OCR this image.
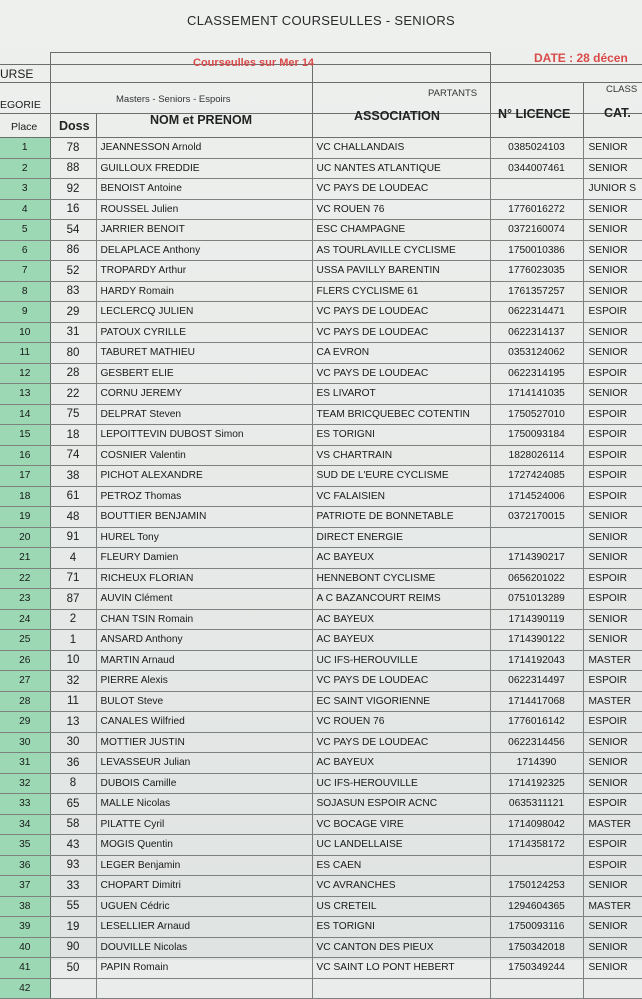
CLASSEMENT COURSEULLES - SENIORS
URSE
Courseulles sur Mer 14	DATE : 28 décen
EGORIE	Masters - Seniors - Espoirs
PARTANTS	CLASS
Place Doss	NOM et PRENOM	ASSOCIATION	N° LICENCE	CAT.
1	78	JEANNESSON Arnold	VC CHALLANDAIS	0385024103	SENIOR
2	88	GUILLOUX FREDDIE	UC NANTES ATLANTIQUE	0344007461	SENIOR
3	92	BENOIST Antoine	VC PAYS DE LOUDEAC		JUNIOR S
4	16	ROUSSEL Julien	VC ROUEN 76	1776016272	SENIOR
5	54	JARRIER BENOIT	ESC CHAMPAGNE	0372160074	SENIOR
6	86	DELAPLACE Anthony	AS TOURLAVILLE CYCLISME	1750010386	SENIOR
7	52	TROPARDY Arthur	USSA PAVILLY BARENTIN	1776023035	SENIOR
8	83	HARDY Romain	FLERS CYCLISME 61	1761357257	SENIOR
9	29	LECLERCQ JULIEN	VC PAYS DE LOUDEAC	0622314471	ESPOIR
10	31	PATOUX CYRILLE	VC PAYS DE LOUDEAC	0622314137	SENIOR
11	80	TABURET MATHIEU	CA EVRON	0353124062	SENIOR
12	28	GESBERT ELIE	VC PAYS DE LOUDEAC	0622314195	ESPOIR
13	22	CORNU JEREMY	ES LIVAROT	1714141035	SENIOR
14	75	DELPRAT Steven	TEAM BRICQUEBEC COTENTIN	1750527010	ESPOIR
15	18	LEPOITTEVIN DUBOST Simon	ES TORIGNI	1750093184	ESPOIR
16	74	COSNIER Valentin	VS CHARTRAIN	1828026114	ESPOIR
17	38	PICHOT ALEXANDRE	SUD DE L'EURE CYCLISME	1727424085	ESPOIR
18	61	PETROZ Thomas	VC FALAISIEN	1714524006	ESPOIR
19	48	BOUTTIER BENJAMIN	PATRIOTE DE BONNETABLE	0372170015	SENIOR
20	91	HUREL Tony	DIRECT ENERGIE		SENIOR
21	4	FLEURY Damien	AC BAYEUX	1714390217	SENIOR
22	71	RICHEUX FLORIAN	HENNEBONT CYCLISME	0656201022	ESPOIR
23	87	AUVIN Clément	A C BAZANCOURT REIMS	0751013289	ESPOIR
24	2	CHAN TSIN Romain	AC BAYEUX	1714390119	SENIOR
25	1	ANSARD Anthony	AC BAYEUX	1714390122	SENIOR
26	10	MARTIN Arnaud	UC IFS-HEROUVILLE	1714192043	MASTER
27	32	PIERRE Alexis	VC PAYS DE LOUDEAC	0622314497	ESPOIR
28	11	BULOT Steve	EC SAINT VIGORIENNE	1714417068	MASTER
29	13	CANALES Wilfried	VC ROUEN 76	1776016142	ESPOIR
30	30	MOTTIER JUSTIN	VC PAYS DE LOUDEAC	0622314456	SENIOR
31	36	LEVASSEUR Julian	AC BAYEUX	1714390	SENIOR
32	8	DUBOIS Camille	UC IFS-HEROUVILLE	1714192325	SENIOR
33	65	MALLE Nicolas	SOJASUN ESPOIR ACNC	0635311121	ESPOIR
34	58	PILATTE Cyril	VC BOCAGE VIRE	1714098042	MASTER
35	43	MOGIS Quentin	UC LANDELLAISE	1714358172	ESPOIR
36	93	LEGER Benjamin	ES CAEN		ESPOIR
37	33	CHOPART Dimitri	VC AVRANCHES	1750124253	SENIOR
38	55	UGUEN Cédric	US CRETEIL	1294604365	MASTER
39	19	LESELLIER Arnaud	ES TORIGNI	1750093116	SENIOR
40	90	DOUVILLE Nicolas	VC CANTON DES PIEUX	1750342018	SENIOR
41	50	PAPIN Romain	VC SAINT LO PONT HEBERT	1750349244	SENIOR
42					
